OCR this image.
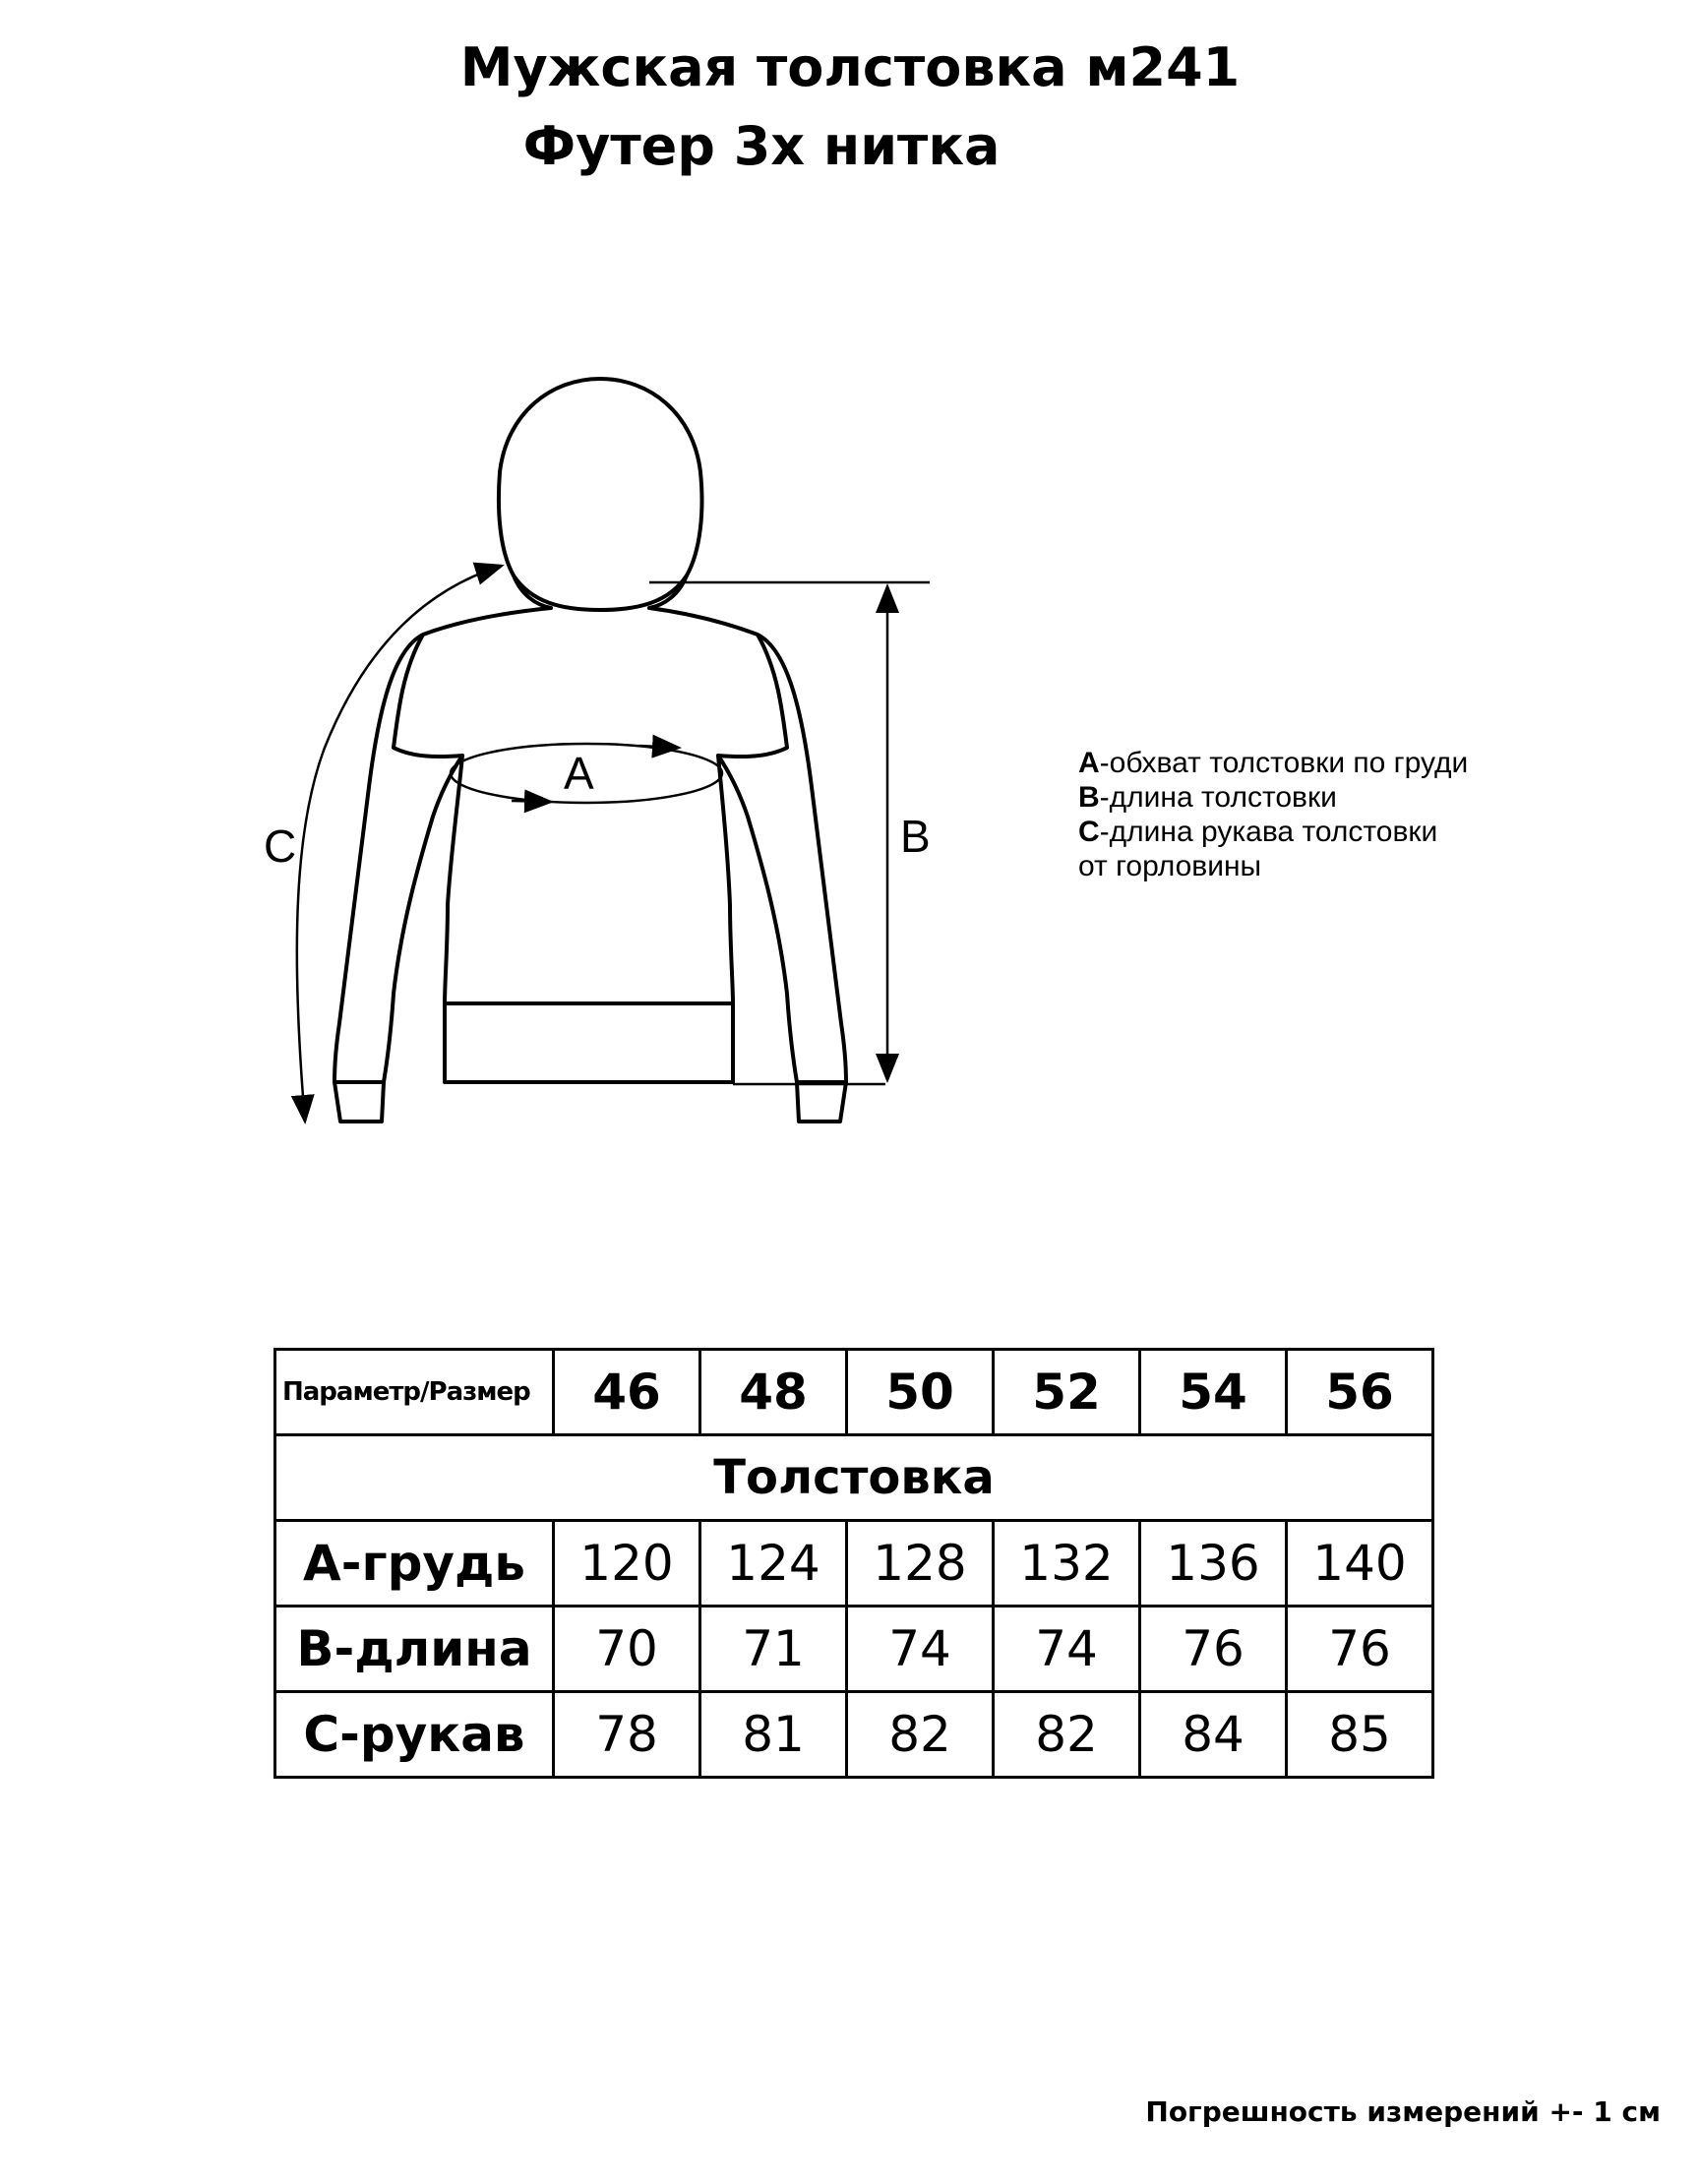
Мужская толстовка м241
Футер 3х нитка
A
B
C
А-обхват толстовки по груди
В-длина толстовки
С-длина рукава толстовки
от горловины
Параметр/Размер	46	48	50	52	54	56
Толстовка						
А-грудь	120	124	128	132	136	140
В-длина	70	71	74	74	76	76
С-рукав	78	81	82	82	84	85
Погрешность измерений +- 1 см
